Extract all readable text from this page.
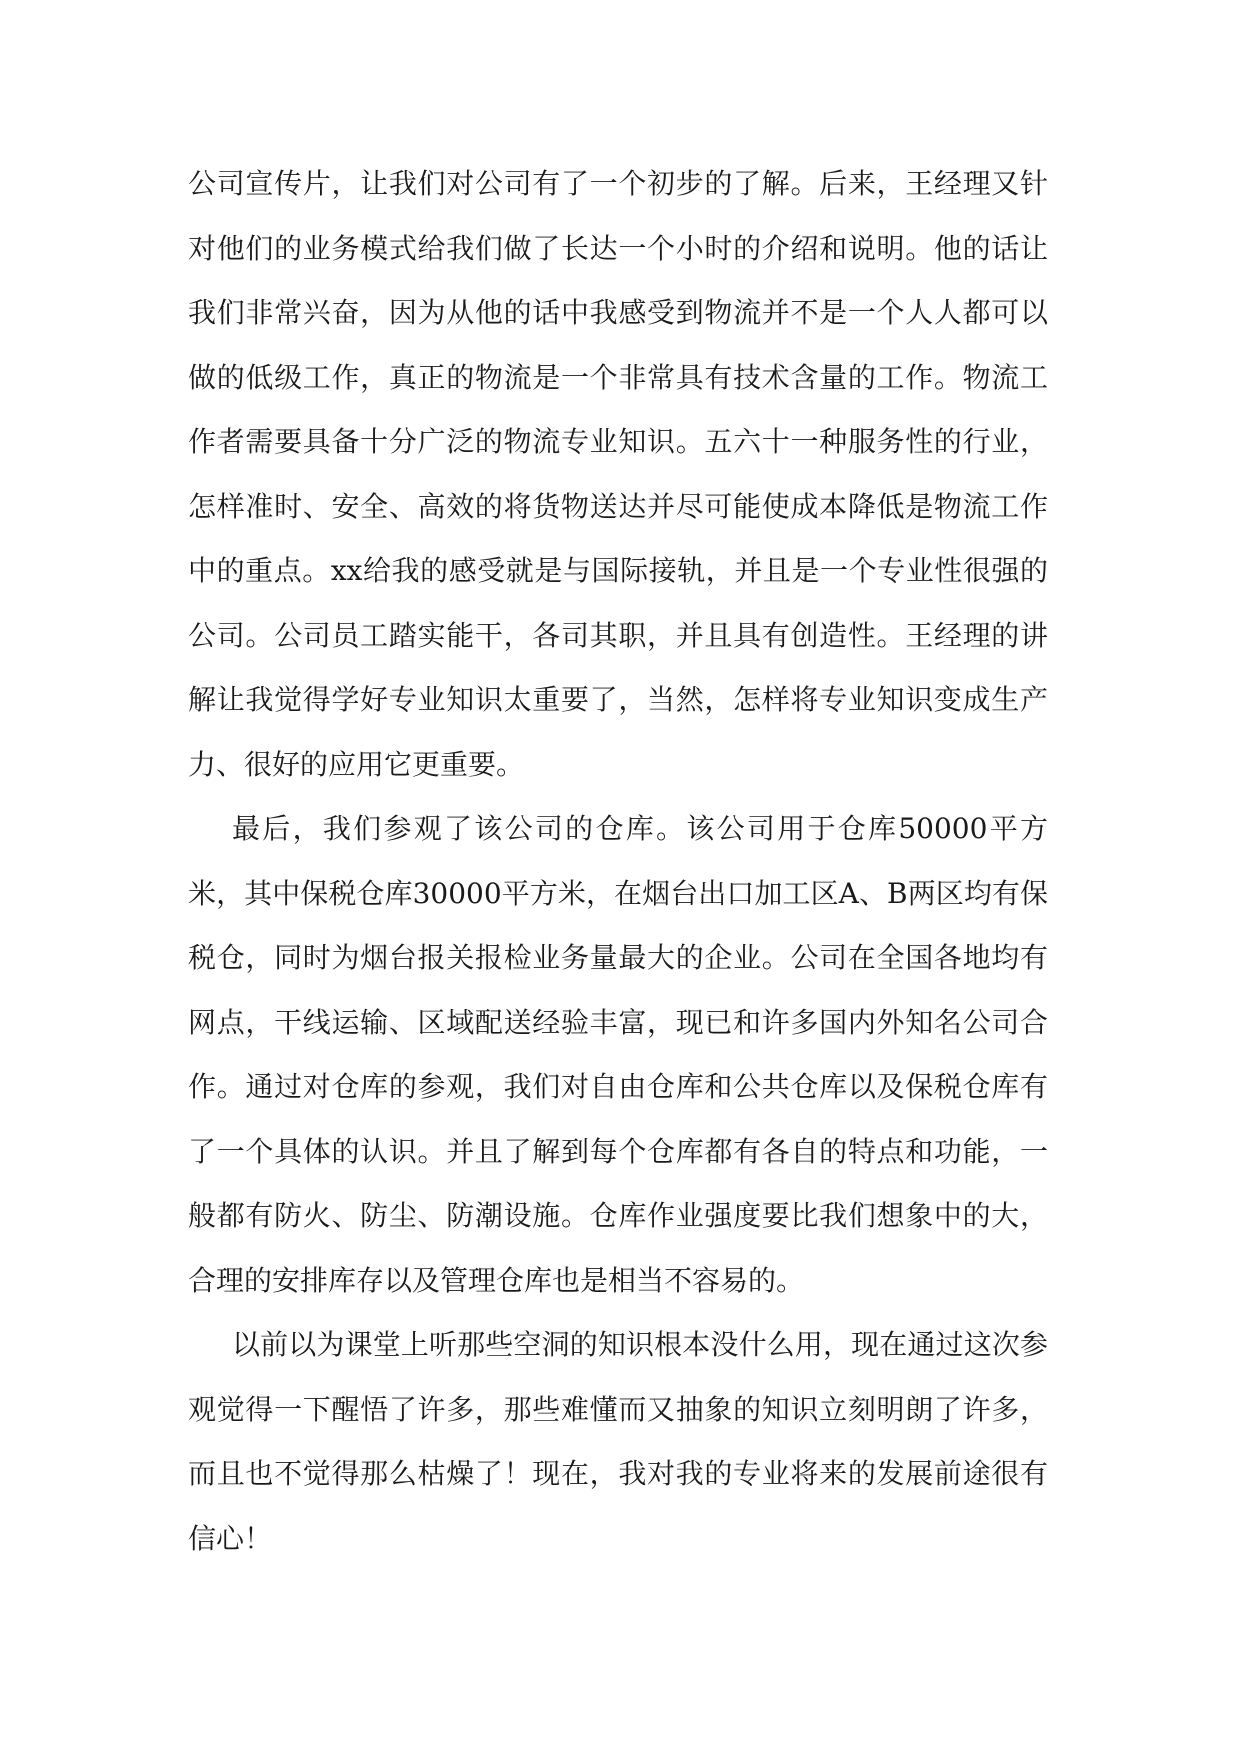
公司宣传片，让我们对公司有了一个初步的了解。后来，王经理又针对他们的业务模式给我们做了长达一个小时的介绍和说明。他的话让我们非常兴奋，因为从他的话中我感受到物流并不是一个人人都可以做的低级工作，真正的物流是一个非常具有技术含量的工作。物流工作者需要具备十分广泛的物流专业知识。五六十一种服务性的行业，怎样准时、安全、高效的将货物送达并尽可能使成本降低是物流工作中的重点。xx给我的感受就是与国际接轨，并且是一个专业性很强的公司。公司员工踏实能干，各司其职，并且具有创造性。王经理的讲解让我觉得学好专业知识太重要了，当然，怎样将专业知识变成生产力、很好的应用它更重要。

最后，我们参观了该公司的仓库。该公司用于仓库50000平方米，其中保税仓库30000平方米，在烟台出口加工区A、B两区均有保税仓，同时为烟台报关报检业务量最大的企业。公司在全国各地均有网点，干线运输、区域配送经验丰富，现已和许多国内外知名公司合作。通过对仓库的参观，我们对自由仓库和公共仓库以及保税仓库有了一个具体的认识。并且了解到每个仓库都有各自的特点和功能，一般都有防火、防尘、防潮设施。仓库作业强度要比我们想象中的大，合理的安排库存以及管理仓库也是相当不容易的。

以前以为课堂上听那些空洞的知识根本没什么用，现在通过这次参观觉得一下醒悟了许多，那些难懂而又抽象的知识立刻明朗了许多，而且也不觉得那么枯燥了！现在，我对我的专业将来的发展前途很有信心！
